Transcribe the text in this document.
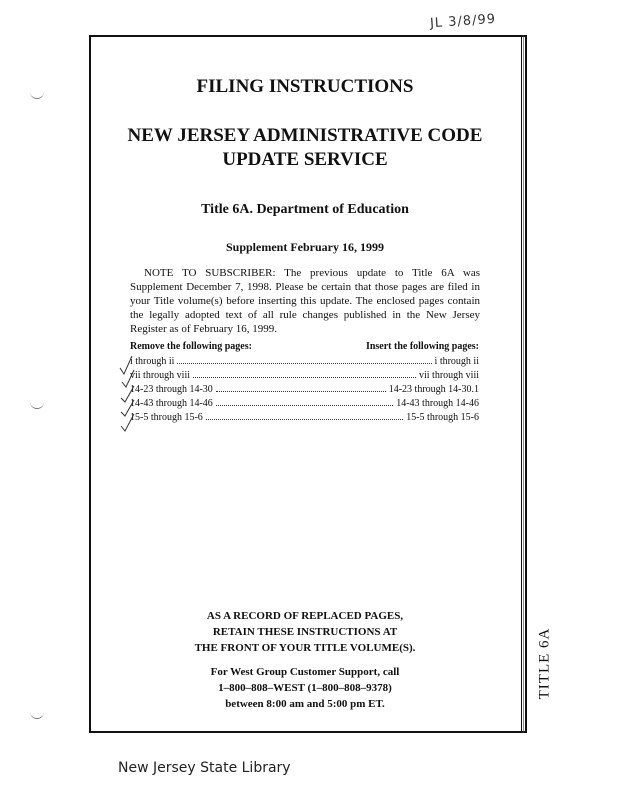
JL 3/8/99
FILING INSTRUCTIONS
NEW JERSEY ADMINISTRATIVE CODE
UPDATE SERVICE
Title 6A. Department of Education
Supplement February 16, 1999
NOTE TO SUBSCRIBER: The previous update to Title 6A was Supplement December 7, 1998. Please be certain that those pages are filed in your Title volume(s) before inserting this update. The enclosed pages contain the legally adopted text of all rule changes published in the New Jersey Register as of February 16, 1999.
Remove the following pages:	Insert the following pages:
i through ii	i through ii
vii through viii	vii through viii
14-23 through 14-30	14-23 through 14-30.1
14-43 through 14-46	14-43 through 14-46
15-5 through 15-6	15-5 through 15-6
AS A RECORD OF REPLACED PAGES,
RETAIN THESE INSTRUCTIONS AT
THE FRONT OF YOUR TITLE VOLUME(S).
For West Group Customer Support, call
1–800–808–WEST (1–800–808–9378)
between 8:00 am and 5:00 pm ET.
TITLE 6A
New Jersey State Library
